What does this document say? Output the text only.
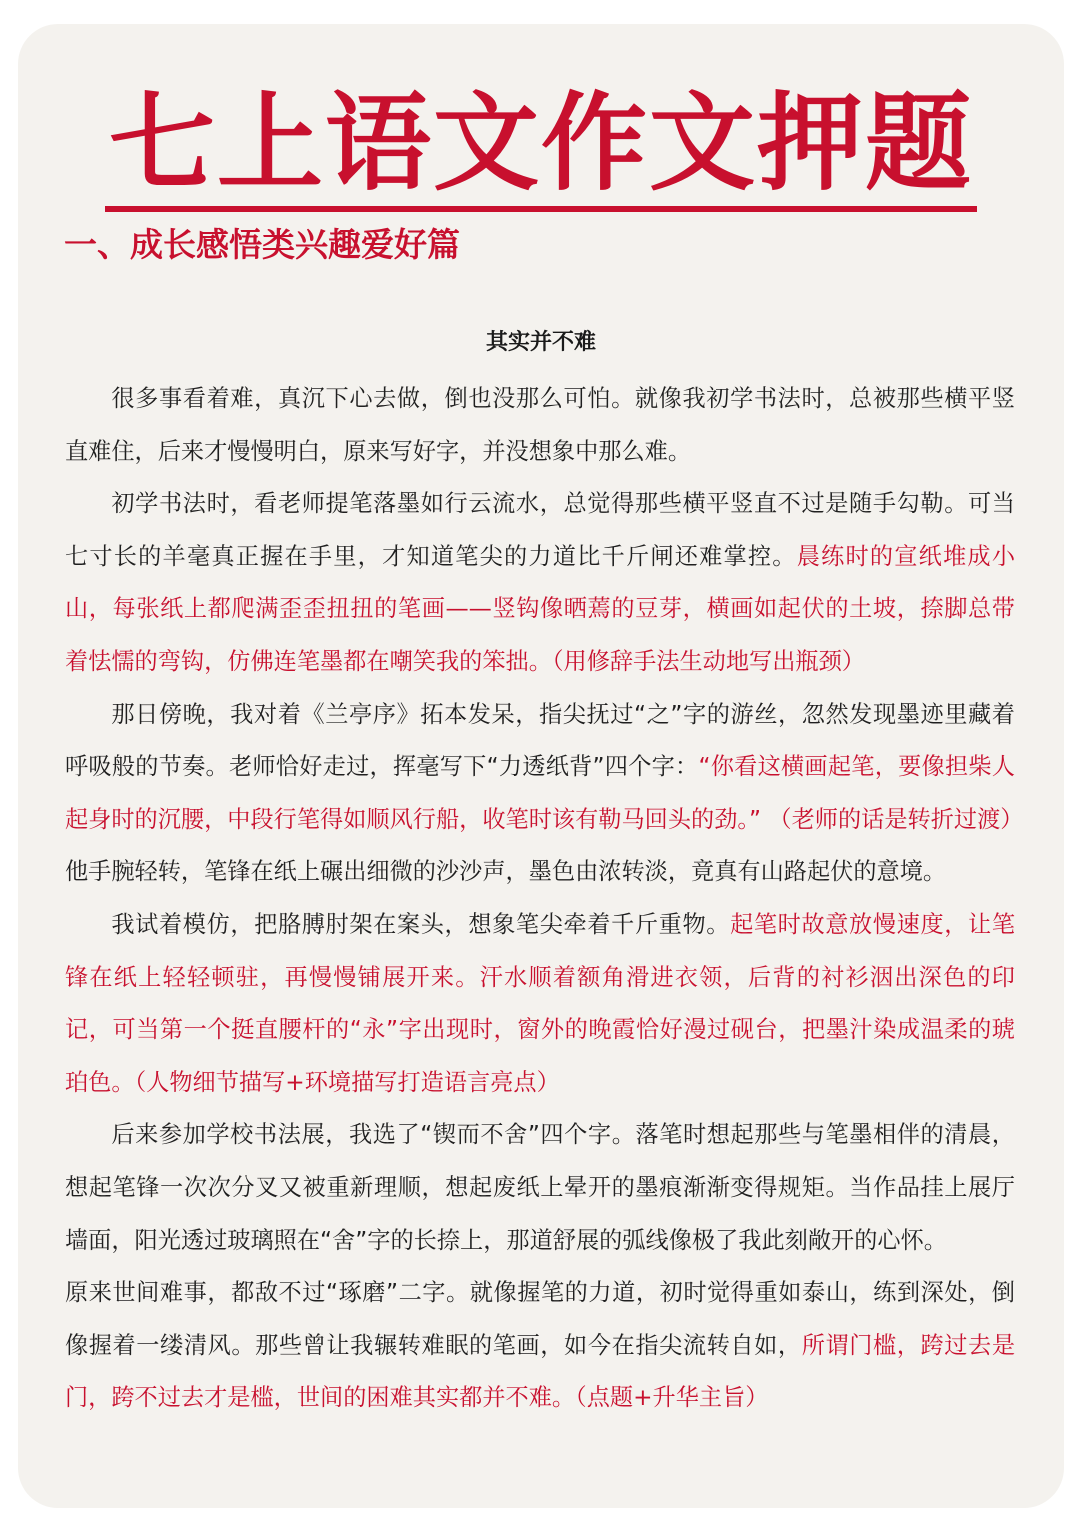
七上语文作文押题
一、成长感悟类兴趣爱好篇
其实并不难

很多事看着难，真沉下心去做，倒也没那么可怕。就像我初学书法时，总被那些横平竖直难住，后来才慢慢明白，原来写好字，并没想象中那么难。

初学书法时，看老师提笔落墨如行云流水，总觉得那些横平竖直不过是随手勾勒。可当七寸长的羊毫真正握在手里，才知道笔尖的力道比千斤闸还难掌控。晨练时的宣纸堆成小山，每张纸上都爬满歪歪扭扭的笔画——竖钩像晒蔫的豆芽，横画如起伏的土坡，捺脚总带着怯懦的弯钩，仿佛连笔墨都在嘲笑我的笨拙。（用修辞手法生动地写出瓶颈）

那日傍晚，我对着《兰亭序》拓本发呆，指尖抚过“之”字的游丝，忽然发现墨迹里藏着呼吸般的节奏。老师恰好走过，挥毫写下“力透纸背”四个字：“你看这横画起笔，要像担柴人起身时的沉腰，中段行笔得如顺风行船，收笔时该有勒马回头的劲。” （老师的话是转折过渡）他手腕轻转，笔锋在纸上碾出细微的沙沙声，墨色由浓转淡，竟真有山路起伏的意境。

我试着模仿，把胳膊肘架在案头，想象笔尖牵着千斤重物。起笔时故意放慢速度，让笔锋在纸上轻轻顿驻，再慢慢铺展开来。汗水顺着额角滑进衣领，后背的衬衫洇出深色的印记，可当第一个挺直腰杆的“永”字出现时，窗外的晚霞恰好漫过砚台，把墨汁染成温柔的琥珀色。（人物细节描写+环境描写打造语言亮点）

后来参加学校书法展，我选了“锲而不舍”四个字。落笔时想起那些与笔墨相伴的清晨，想起笔锋一次次分叉又被重新理顺，想起废纸上晕开的墨痕渐渐变得规矩。当作品挂上展厅墙面，阳光透过玻璃照在“舍”字的长捺上，那道舒展的弧线像极了我此刻敞开的心怀。

原来世间难事，都敌不过“琢磨”二字。就像握笔的力道，初时觉得重如泰山，练到深处，倒像握着一缕清风。那些曾让我辗转难眠的笔画，如今在指尖流转自如，所谓门槛，跨过去是门，跨不过去才是槛，世间的困难其实都并不难。（点题+升华主旨）
